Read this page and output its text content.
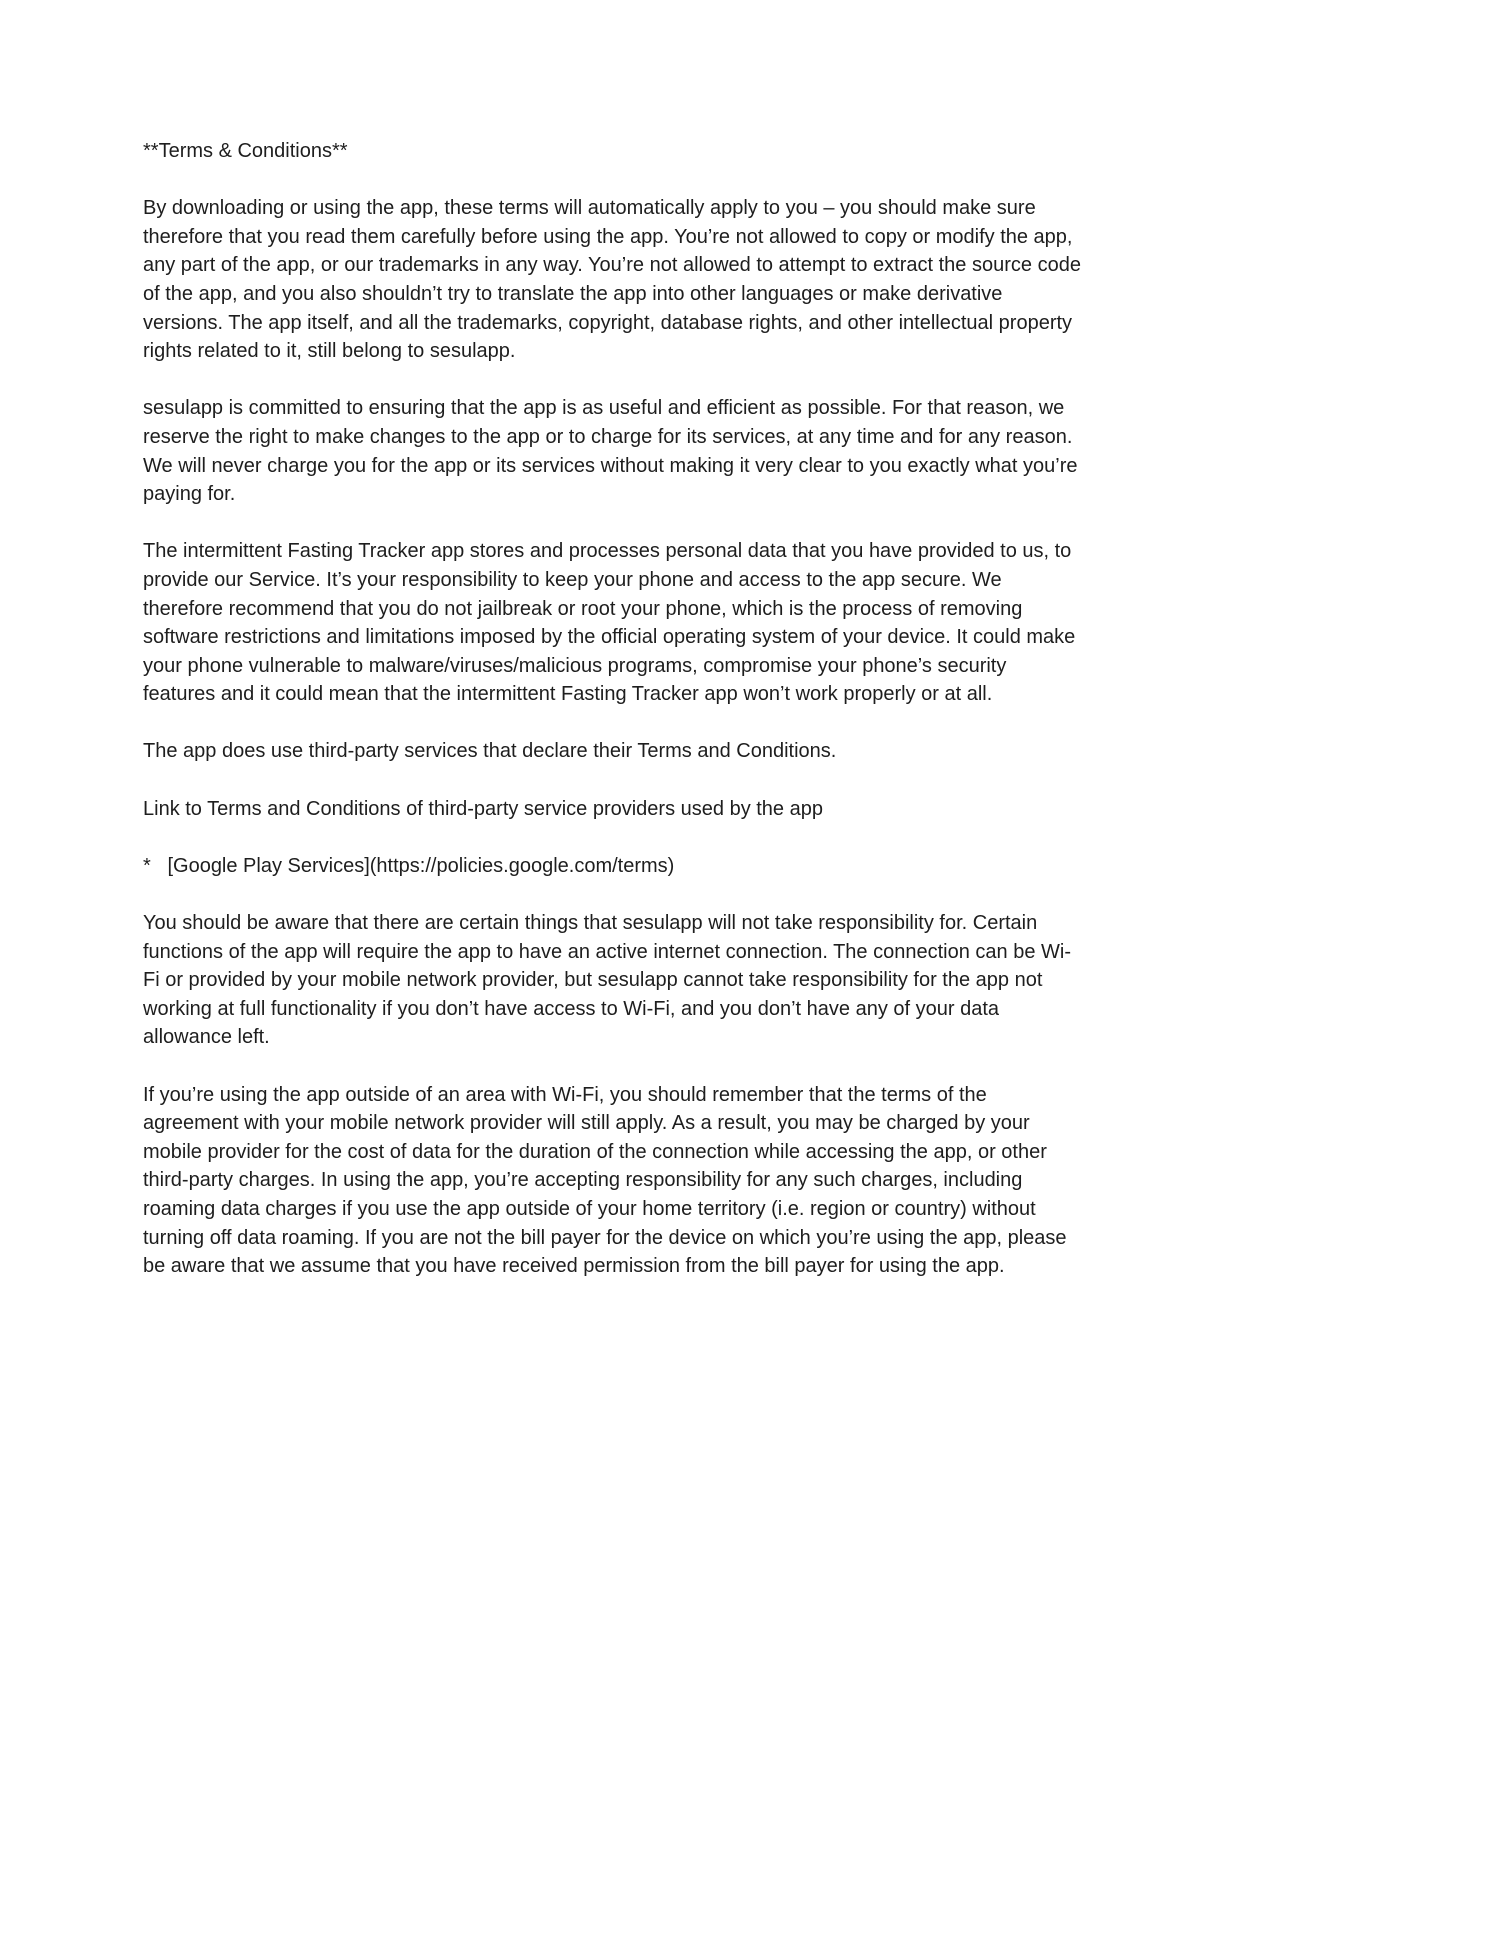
**Terms & Conditions**

By downloading or using the app, these terms will automatically apply to you – you should make sure therefore that you read them carefully before using the app. You’re not allowed to copy or modify the app, any part of the app, or our trademarks in any way. You’re not allowed to attempt to extract the source code of the app, and you also shouldn’t try to translate the app into other languages or make derivative versions. The app itself, and all the trademarks, copyright, database rights, and other intellectual property rights related to it, still belong to sesulapp.

sesulapp is committed to ensuring that the app is as useful and efficient as possible. For that reason, we reserve the right to make changes to the app or to charge for its services, at any time and for any reason. We will never charge you for the app or its services without making it very clear to you exactly what you’re paying for.

The intermittent Fasting Tracker app stores and processes personal data that you have provided to us, to provide our Service. It’s your responsibility to keep your phone and access to the app secure. We therefore recommend that you do not jailbreak or root your phone, which is the process of removing software restrictions and limitations imposed by the official operating system of your device. It could make your phone vulnerable to malware/viruses/malicious programs, compromise your phone’s security features and it could mean that the intermittent Fasting Tracker app won’t work properly or at all.

The app does use third-party services that declare their Terms and Conditions.

Link to Terms and Conditions of third-party service providers used by the app

*   [Google Play Services](https://policies.google.com/terms)

You should be aware that there are certain things that sesulapp will not take responsibility for. Certain functions of the app will require the app to have an active internet connection. The connection can be Wi-Fi or provided by your mobile network provider, but sesulapp cannot take responsibility for the app not working at full functionality if you don’t have access to Wi-Fi, and you don’t have any of your data allowance left.

If you’re using the app outside of an area with Wi-Fi, you should remember that the terms of the agreement with your mobile network provider will still apply. As a result, you may be charged by your mobile provider for the cost of data for the duration of the connection while accessing the app, or other third-party charges. In using the app, you’re accepting responsibility for any such charges, including roaming data charges if you use the app outside of your home territory (i.e. region or country) without turning off data roaming. If you are not the bill payer for the device on which you’re using the app, please be aware that we assume that you have received permission from the bill payer for using the app.
